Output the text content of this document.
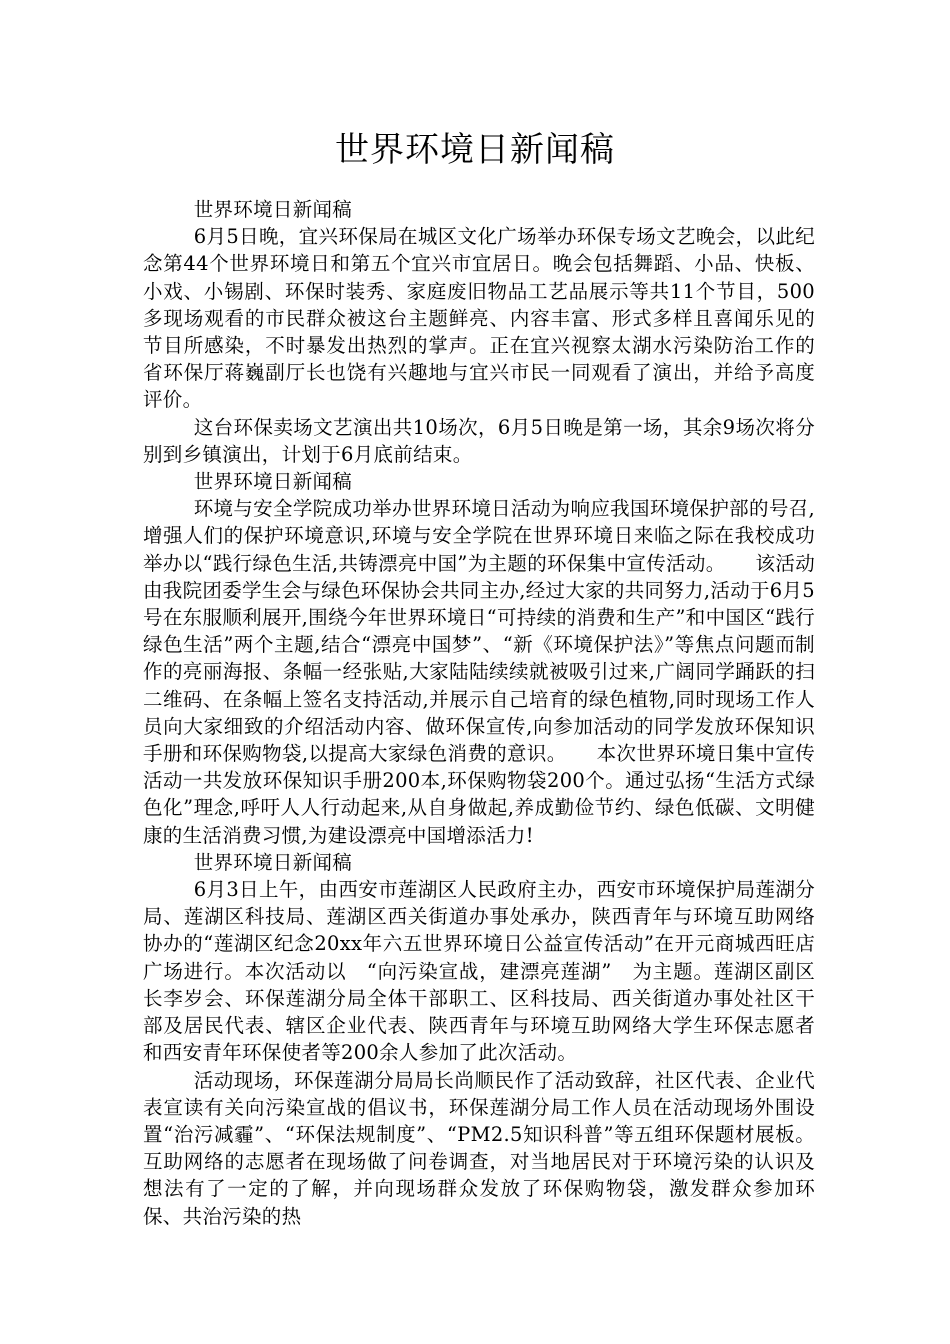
世界环境日新闻稿

世界环境日新闻稿

6月5日晚，宜兴环保局在城区文化广场举办环保专场文艺晚会，以此纪念第44个世界环境日和第五个宜兴市宜居日。晚会包括舞蹈、小品、快板、小戏、小锡剧、环保时装秀、家庭废旧物品工艺品展示等共11个节目，500多现场观看的市民群众被这台主题鲜亮、内容丰富、形式多样且喜闻乐见的节目所感染，不时暴发出热烈的掌声。正在宜兴视察太湖水污染防治工作的省环保厅蒋巍副厅长也饶有兴趣地与宜兴市民一同观看了演出，并给予高度评价。

这台环保卖场文艺演出共10场次，6月5日晚是第一场，其余9场次将分别到乡镇演出，计划于6月底前结束。

世界环境日新闻稿

环境与安全学院成功举办世界环境日活动为响应我国环境保护部的号召,增强人们的保护环境意识,环境与安全学院在世界环境日来临之际在我校成功举办以“践行绿色生活,共铸漂亮中国”为主题的环保集中宣传活动。　　该活动由我院团委学生会与绿色环保协会共同主办,经过大家的共同努力,活动于6月5号在东服顺利展开,围绕今年世界环境日“可持续的消费和生产”和中国区“践行绿色生活”两个主题,结合“漂亮中国梦”、“新《环境保护法》”等焦点问题而制作的亮丽海报、条幅一经张贴,大家陆陆续续就被吸引过来,广阔同学踊跃的扫二维码、在条幅上签名支持活动,并展示自己培育的绿色植物,同时现场工作人员向大家细致的介绍活动内容、做环保宣传,向参加活动的同学发放环保知识手册和环保购物袋,以提高大家绿色消费的意识。　　本次世界环境日集中宣传活动一共发放环保知识手册200本,环保购物袋200个。通过弘扬“生活方式绿色化”理念,呼吁人人行动起来,从自身做起,养成勤俭节约、绿色低碳、文明健康的生活消费习惯,为建设漂亮中国增添活力!

世界环境日新闻稿

6月3日上午，由西安市莲湖区人民政府主办，西安市环境保护局莲湖分局、莲湖区科技局、莲湖区西关街道办事处承办，陕西青年与环境互助网络协办的“莲湖区纪念20xx年六五世界环境日公益宣传活动”在开元商城西旺店广场进行。本次活动以　“向污染宣战，建漂亮莲湖”　为主题。莲湖区副区长李岁会、环保莲湖分局全体干部职工、区科技局、西关街道办事处社区干部及居民代表、辖区企业代表、陕西青年与环境互助网络大学生环保志愿者和西安青年环保使者等200余人参加了此次活动。

活动现场，环保莲湖分局局长尚顺民作了活动致辞，社区代表、企业代表宣读有关向污染宣战的倡议书，环保莲湖分局工作人员在活动现场外围设置“治污减霾”、“环保法规制度”、“PM2.5知识科普”等五组环保题材展板。互助网络的志愿者在现场做了问卷调查，对当地居民对于环境污染的认识及想法有了一定的了解，并向现场群众发放了环保购物袋，激发群众参加环保、共治污染的热
